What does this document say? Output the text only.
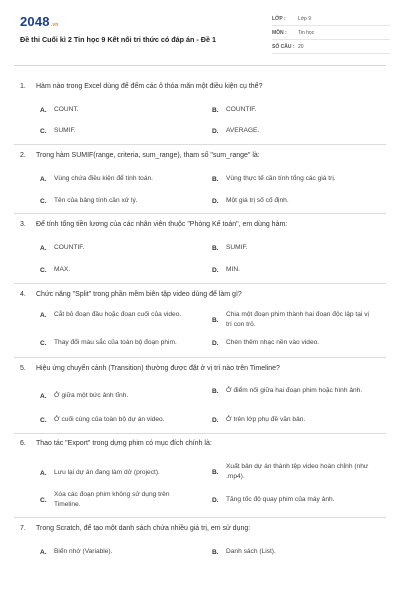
2048.vn
Đề thi Cuối kì 2 Tin học 9 Kết nối tri thức có đáp án - Đề 1
LỚP :	Lớp 9
MÔN :	Tin học
SỐ CÂU : 20
1. Hàm nào trong Excel dùng để đếm các ô thỏa mãn một điều kiện cụ thể?
A.	COUNT.	B.	COUNTIF.
C.	SUMIF.	D.	AVERAGE.
2. Trong hàm SUMIF(range, criteria, sum_range), tham số "sum_range" là:
A.	Vùng chứa điều kiện để tính toán.	B.	Vùng thực tế cần tính tổng các giá trị.
C.	Tên của bảng tính cần xử lý.	D.	Một giá trị số cố định.
3. Để tính tổng tiền lương của các nhân viên thuộc "Phòng Kế toán", em dùng hàm:
A.	COUNTIF.	B.	SUMIF.
C.	MAX.	D.	MIN.
4. Chức năng "Split" trong phần mềm biên tập video dùng để làm gì?
A.	Cắt bỏ đoạn đầu hoặc đoạn cuối của video.
B.
Chia một đoạn phim thành hai đoạn độc lập tại vị trí con trỏ.
C.	Thay đổi màu sắc của toàn bộ đoạn phim.	D.	Chèn thêm nhạc nền vào video.
5. Hiệu ứng chuyển cảnh (Transition) thường được đặt ở vị trí nào trên Timeline?
A.	Ở giữa một bức ảnh tĩnh.
B.	Ở điểm nối giữa hai đoạn phim hoặc hình ảnh.
C.	Ở cuối cùng của toàn bộ dự án video.	D.	Ở trên lớp phụ đề văn bản.
6. Thao tác "Export" trong dựng phim có mục đích chính là:
A.	Lưu lại dự án đang làm dở (project).	B.
Xuất bản dự án thành tệp video hoàn chỉnh (như .mp4).
C.
Xóa các đoạn phim không sử dụng trên Timeline.
D.	Tăng tốc độ quay phim của máy ảnh.
7. Trong Scratch, để tạo một danh sách chứa nhiều giá trị, em sử dụng:
A.	Biến nhớ (Variable).	B.	Danh sách (List).
